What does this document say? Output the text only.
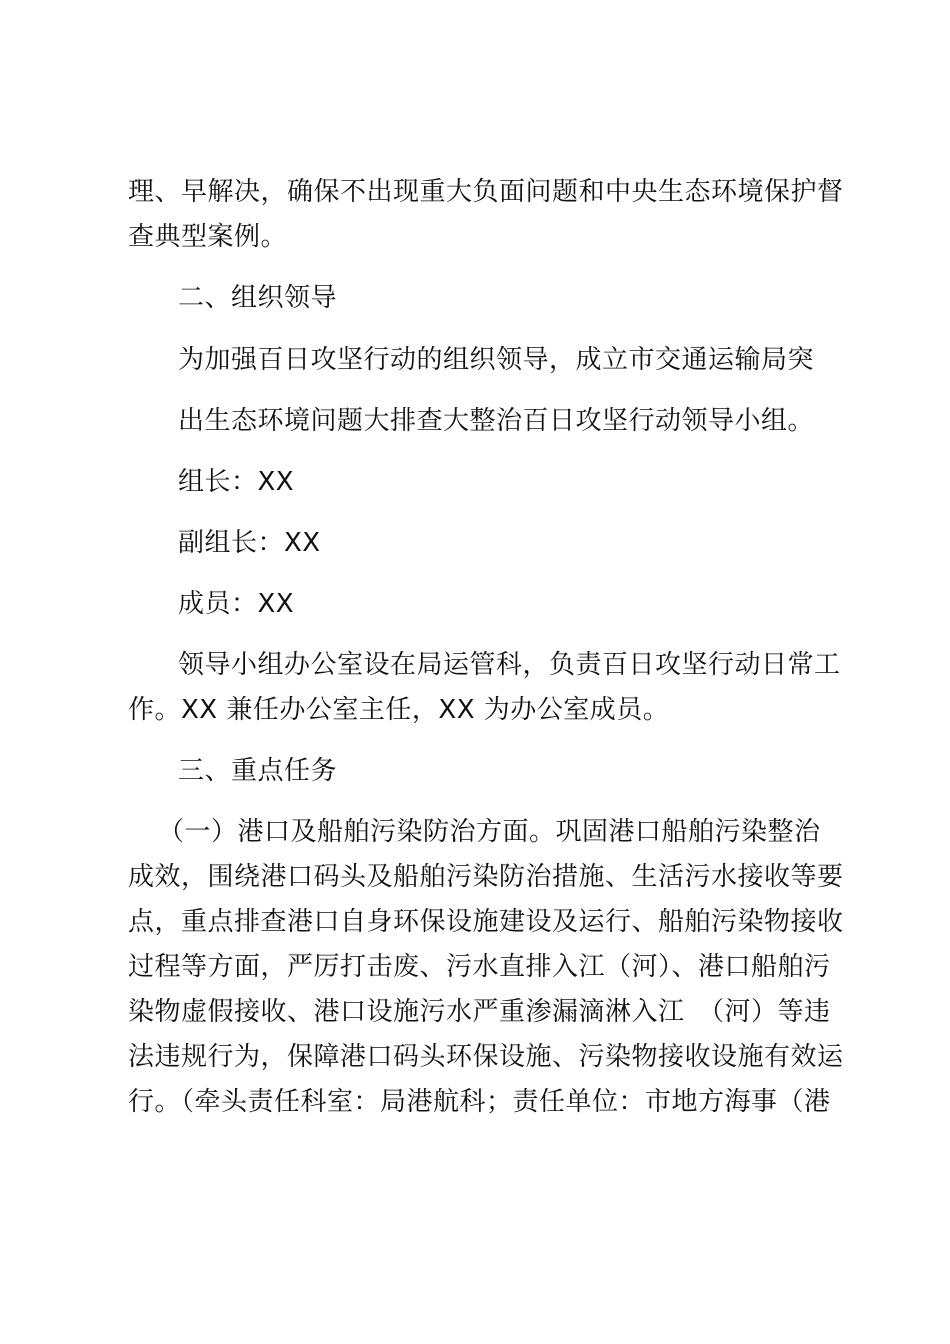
理、早解决，确保不出现重大负面问题和中央生态环境保护督
查典型案例。
二、组织领导
为加强百日攻坚行动的组织领导，成立市交通运输局突
出生态环境问题大排查大整治百日攻坚行动领导小组。
组长：XX
副组长：XX
成员：XX
领导小组办公室设在局运管科，负责百日攻坚行动日常工
作。XX 兼任办公室主任，XX 为办公室成员。
三、重点任务
（一）港口及船舶污染防治方面。巩固港口船舶污染整治
成效，围绕港口码头及船舶污染防治措施、生活污水接收等要
点，重点排查港口自身环保设施建设及运行、船舶污染物接收
过程等方面，严厉打击废、污水直排入江（河）、港口船舶污
染物虚假接收、港口设施污水严重渗漏滴淋入江　（河）等违
法违规行为，保障港口码头环保设施、污染物接收设施有效运
行。（牵头责任科室：局港航科；责任单位：市地方海事（港
